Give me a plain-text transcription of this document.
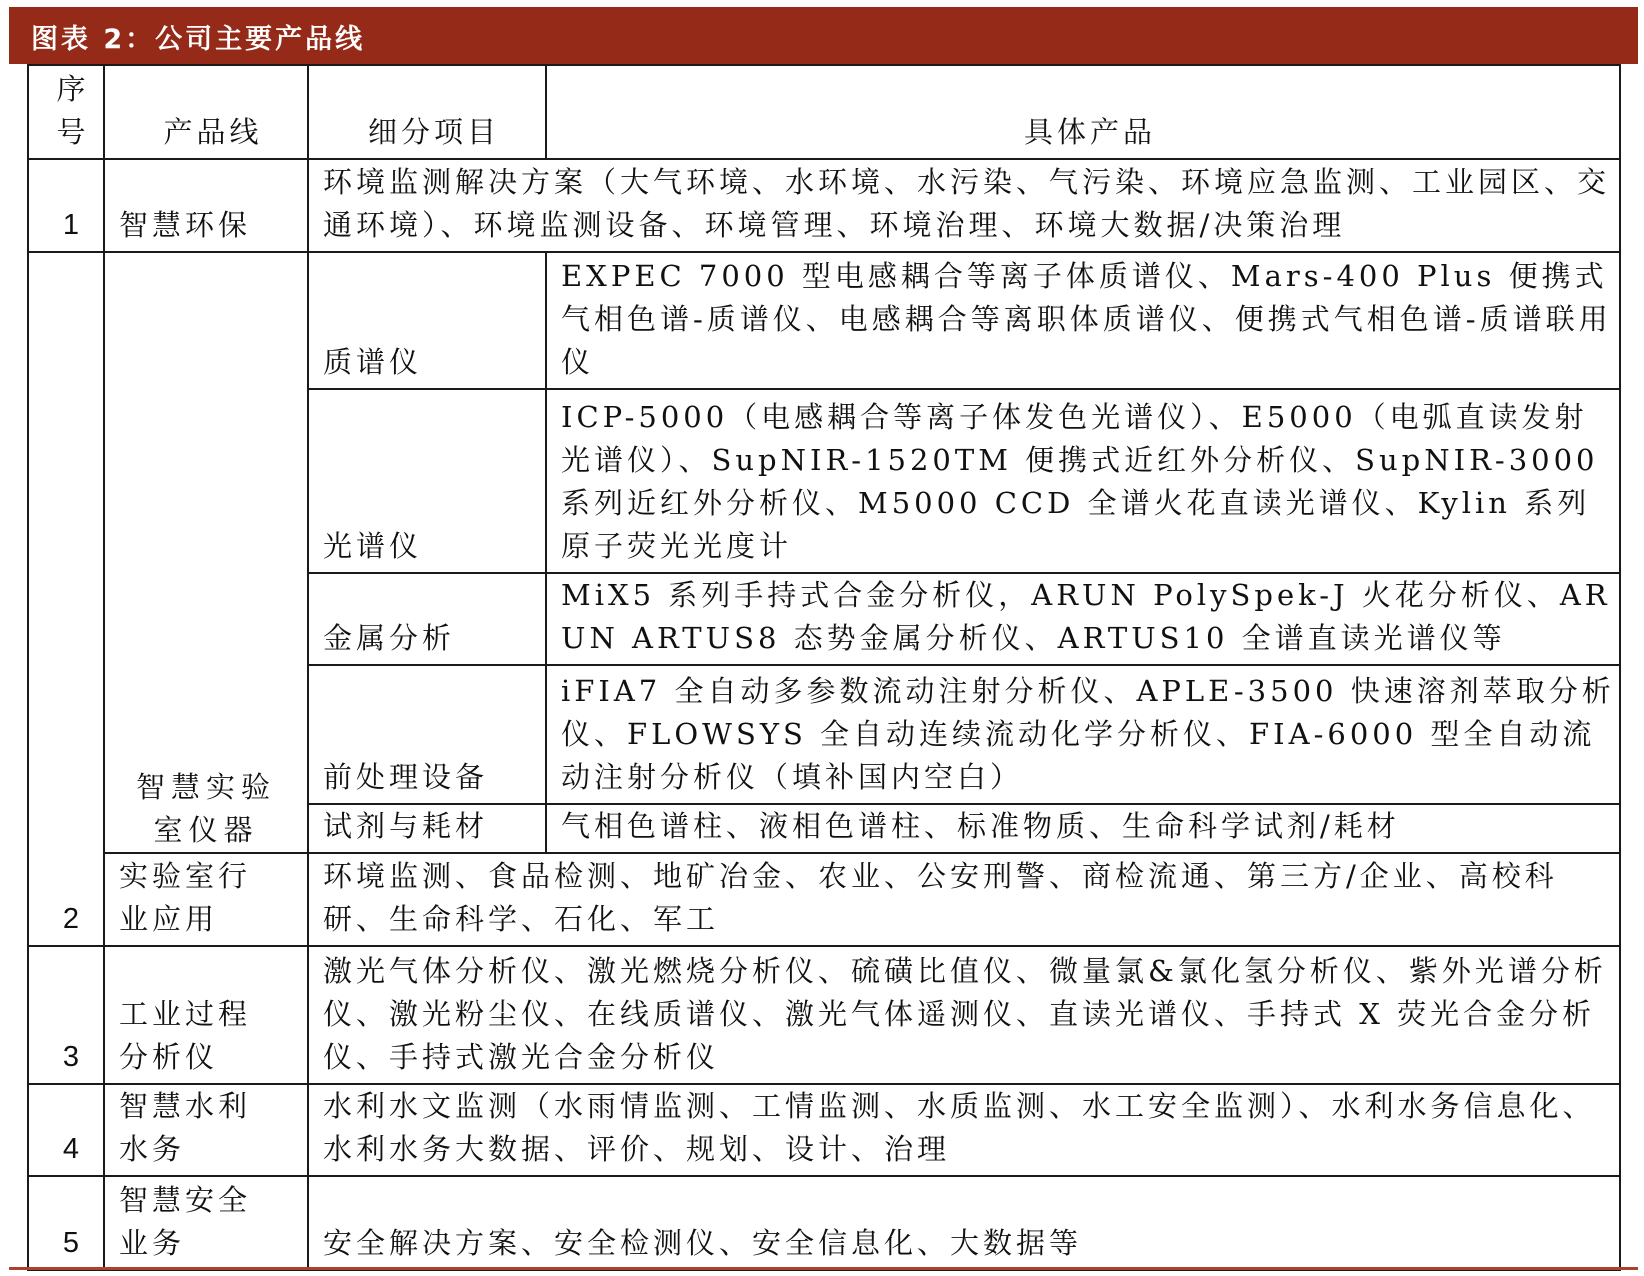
图表 2：公司主要产品线
序
号	产品线	细分项目	具体产品
1	智慧环保	环境监测解决方案（大气环境、水环境、水污染、气污染、环境应急监测、工业园区、交通环境）、环境监测设备、环境管理、环境治理、环境大数据/决策治理	
2	智慧实验室仪器	质谱仪	EXPEC 7000 型电感耦合等离子体质谱仪、Mars-400 Plus 便携式气相色谱-质谱仪、电感耦合等离职体质谱仪、便携式气相色谱-质谱联用仪
		光谱仪	ICP-5000（电感耦合等离子体发色光谱仪）、E5000（电弧直读发射光谱仪）、SupNIR-1520TM 便携式近红外分析仪、SupNIR-3000 系列近红外分析仪、M5000 CCD 全谱火花直读光谱仪、Kylin 系列原子荧光光度计
		金属分析	MiX5 系列手持式合金分析仪，ARUN PolySpek-J 火花分析仪、ARUN ARTUS8 态势金属分析仪、ARTUS10 全谱直读光谱仪等
		前处理设备	iFIA7 全自动多参数流动注射分析仪、APLE-3500 快速溶剂萃取分析仪、FLOWSYS 全自动连续流动化学分析仪、FIA-6000 型全自动流动注射分析仪（填补国内空白）
		试剂与耗材	气相色谱柱、液相色谱柱、标准物质、生命科学试剂/耗材
	实验室行业应用	环境监测、食品检测、地矿冶金、农业、公安刑警、商检流通、第三方/企业、高校科研、生命科学、石化、军工	
3	工业过程分析仪	激光气体分析仪、激光燃烧分析仪、硫磺比值仪、微量氯&氯化氢分析仪、紫外光谱分析仪、激光粉尘仪、在线质谱仪、激光气体遥测仪、直读光谱仪、手持式 X 荧光合金分析仪、手持式激光合金分析仪	
4	智慧水利水务	水利水文监测（水雨情监测、工情监测、水质监测、水工安全监测）、水利水务信息化、水利水务大数据、评价、规划、设计、治理	
5	智慧安全业务	安全解决方案、安全检测仪、安全信息化、大数据等	
